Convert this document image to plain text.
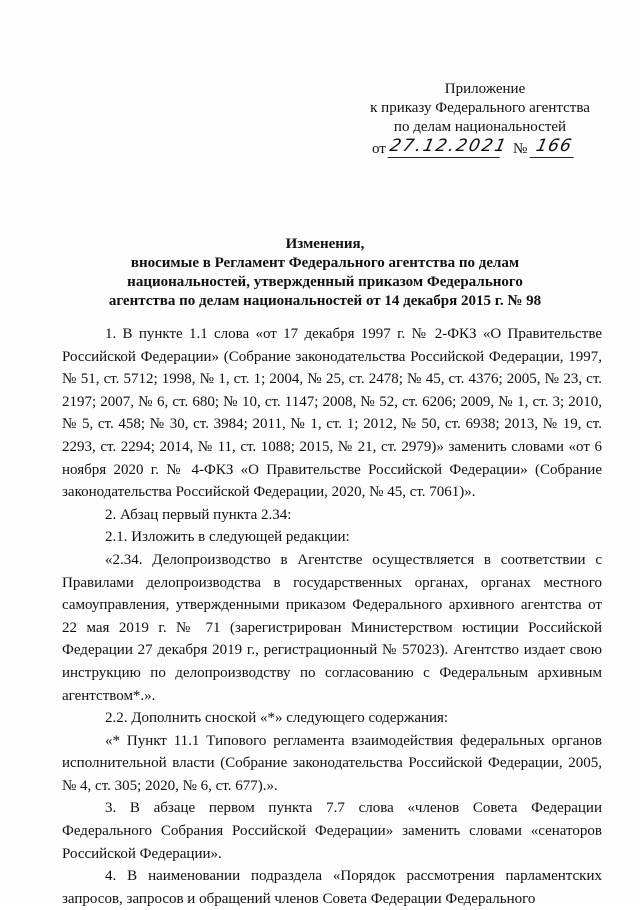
Приложение
к приказу Федерального агентства
по делам национальностей
от 27.12.2021 № 166
Изменения,
вносимые в Регламент Федерального агентства по делам
национальностей, утвержденный приказом Федерального
агентства по делам национальностей от 14 декабря 2015 г. № 98

1. В пункте 1.1 слова «от 17 декабря 1997 г. № 2-ФКЗ «О Правительстве Российской Федерации» (Собрание законодательства Российской Федерации, 1997, № 51, ст. 5712; 1998, № 1, ст. 1; 2004, № 25, ст. 2478; № 45, ст. 4376; 2005, № 23, ст. 2197; 2007, № 6, ст. 680; № 10, ст. 1147; 2008, № 52, ст. 6206; 2009, № 1, ст. 3; 2010, № 5, ст. 458; № 30, ст. 3984; 2011, № 1, ст. 1; 2012, № 50, ст. 6938; 2013, № 19, ст. 2293, ст. 2294; 2014, № 11, ст. 1088; 2015, № 21, ст. 2979)» заменить словами «от 6 ноября 2020 г. № 4-ФКЗ «О Правительстве Российской Федерации» (Собрание законодательства Российской Федерации, 2020, № 45, ст. 7061)».

2. Абзац первый пункта 2.34:

2.1. Изложить в следующей редакции:

«2.34. Делопроизводство в Агентстве осуществляется в соответствии с Правилами делопроизводства в государственных органах, органах местного самоуправления, утвержденными приказом Федерального архивного агентства от 22 мая 2019 г. № 71 (зарегистрирован Министерством юстиции Российской Федерации 27 декабря 2019 г., регистрационный № 57023). Агентство издает свою инструкцию по делопроизводству по согласованию с Федеральным архивным агентством*.».

2.2. Дополнить сноской «*» следующего содержания:

«* Пункт 11.1 Типового регламента взаимодействия федеральных органов исполнительной власти (Собрание законодательства Российской Федерации, 2005, № 4, ст. 305; 2020, № 6, ст. 677).».

3. В абзаце первом пункта 7.7 слова «членов Совета Федерации Федерального Собрания Российской Федерации» заменить словами «сенаторов Российской Федерации».

4. В наименовании подраздела «Порядок рассмотрения парламентских запросов, запросов и обращений членов Совета Федерации Федерального
